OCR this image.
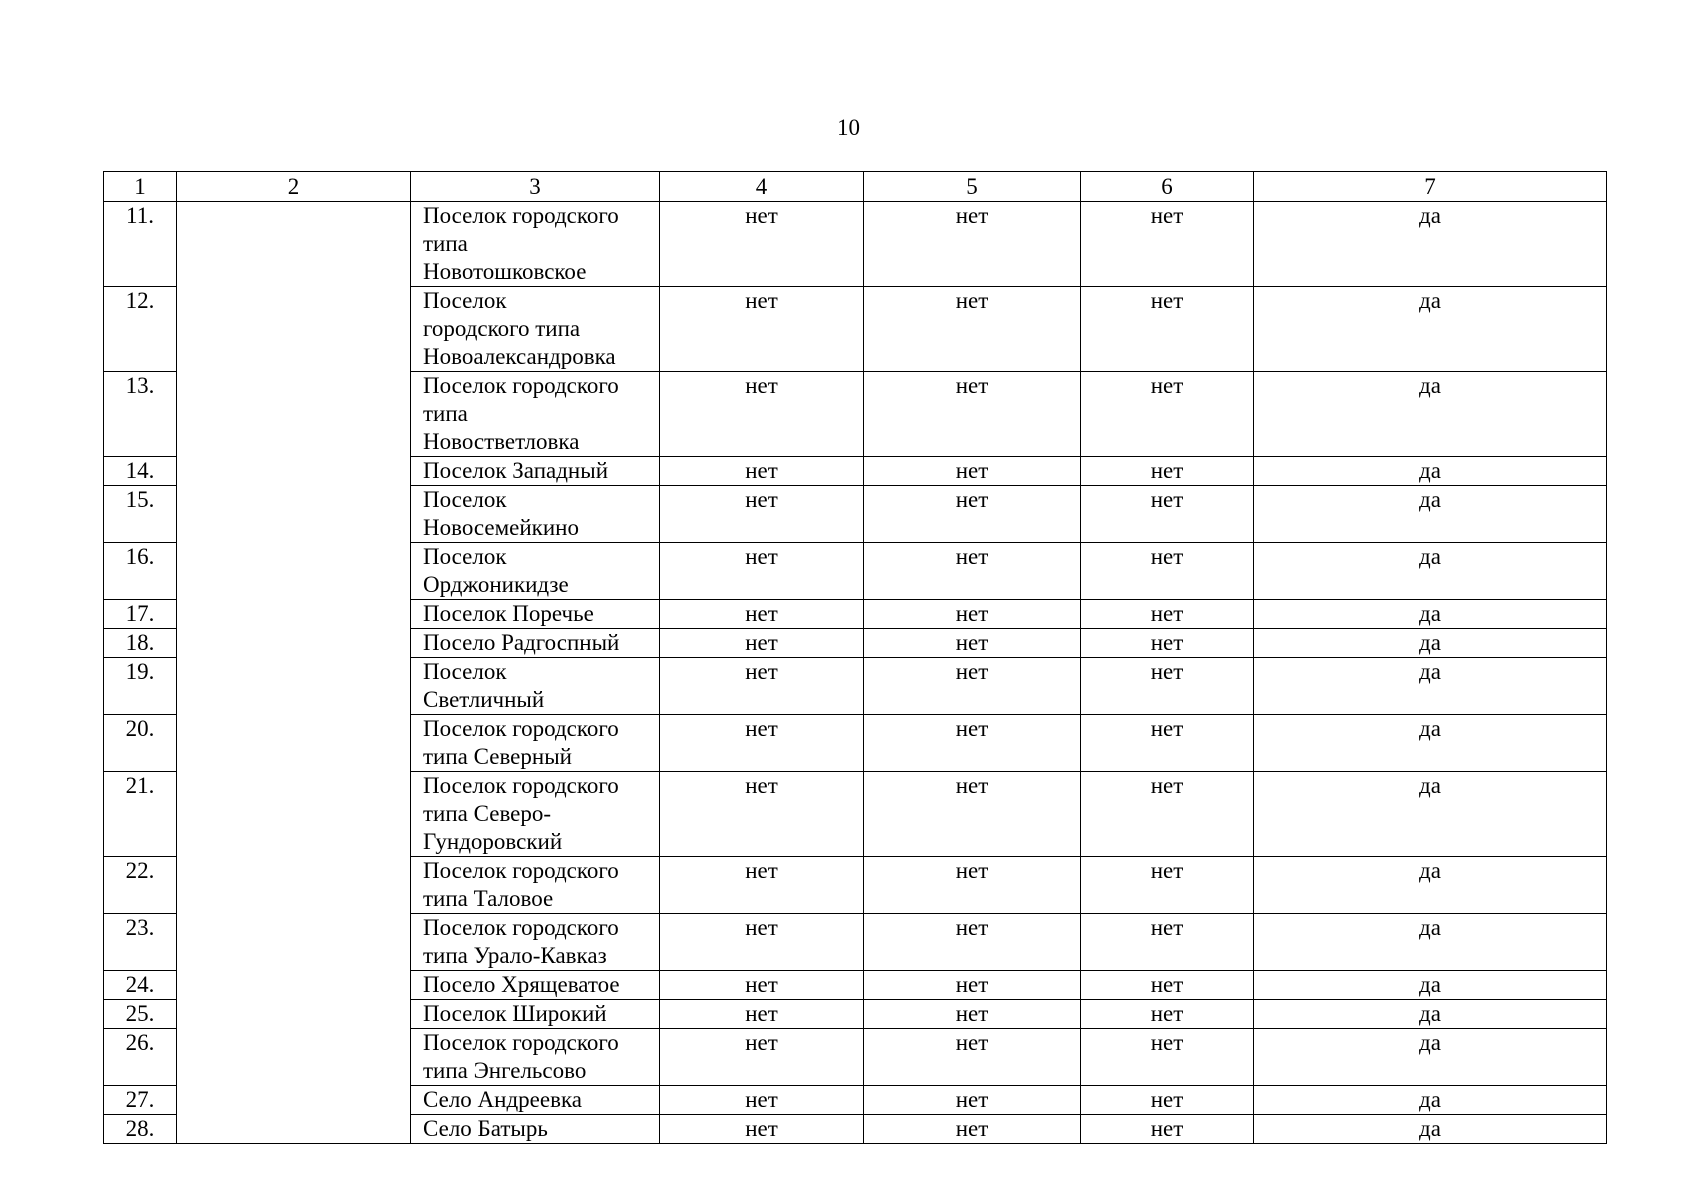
10
1	2	3	4	5	6	7
11.		Поселок городского
типа
Новотошковское	нет	нет	нет	да
12.		Поселок
городского типа
Новоалександровка	нет	нет	нет	да
13.		Поселок городского
типа
Новостветловка	нет	нет	нет	да
14.		Поселок Западный	нет	нет	нет	да
15.		Поселок
Новосемейкино	нет	нет	нет	да
16.		Поселок
Орджоникидзе	нет	нет	нет	да
17.		Поселок Поречье	нет	нет	нет	да
18.		Посело Радгоспный	нет	нет	нет	да
19.		Поселок
Светличный	нет	нет	нет	да
20.		Поселок городского
типа Северный	нет	нет	нет	да
21.		Поселок городского
типа Северо-
Гундоровский	нет	нет	нет	да
22.		Поселок городского
типа Таловое	нет	нет	нет	да
23.		Поселок городского
типа Урало-Кавказ	нет	нет	нет	да
24.		Посело Хрящеватое	нет	нет	нет	да
25.		Поселок Широкий	нет	нет	нет	да
26.		Поселок городского
типа Энгельсово	нет	нет	нет	да
27.		Село Андреевка	нет	нет	нет	да
28.		Село Батырь	нет	нет	нет	да
